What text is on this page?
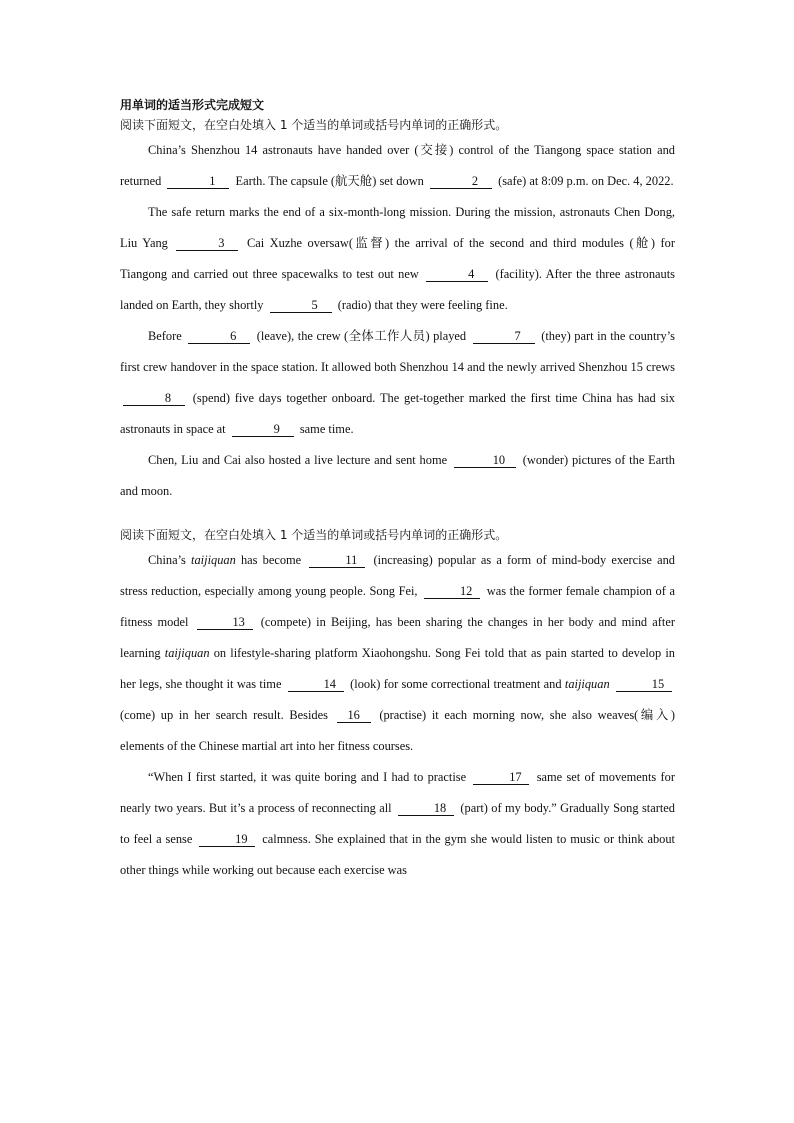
用单词的适当形式完成短文

阅读下面短文，在空白处填入 1 个适当的单词或括号内单词的正确形式。

China’s Shenzhou 14 astronauts have handed over (交接) control of the Tiangong space station and returned	1 Earth. The capsule (航天舱) set down	2 (safe) at 8:09 p.m. on Dec. 4, 2022.

The safe return marks the end of a six-month-long mission. During the mission, astronauts Chen Dong, Liu Yang	3 Cai Xuzhe oversaw(监督) the arrival of the second and third modules (舱) for Tiangong and carried out three spacewalks to test out new	4 (facility). After the three astronauts landed on Earth, they shortly	5 (radio) that they were feeling fine.

Before	6 (leave), the crew (全体工作人员) played	7 (they) part in the country’s first crew handover in the space station. It allowed both Shenzhou 14 and the newly arrived Shenzhou 15 crews 8 (spend) five days together onboard. The get-together marked the first time China has had six astronauts in space at	9 same time.

Chen, Liu and Cai also hosted a live lecture and sent home	10 (wonder) pictures of the Earth and moon.

阅读下面短文，在空白处填入 1 个适当的单词或括号内单词的正确形式。

China’s taijiquan has become	11 (increasing) popular as a form of mind-body exercise and stress reduction, especially among young people. Song Fei,	12 was the former female champion of a fitness model	13 (compete) in Beijing, has been sharing the changes in her body and mind after learning taijiquan on lifestyle-sharing platform Xiaohongshu. Song Fei told that as pain started to develop in her legs, she thought it was time	14 (look) for some correctional treatment and taijiquan	15 (come) up in her search result. Besides 16 (practise) it each morning now, she also weaves(编入) elements of the Chinese martial art into her fitness courses.

“When I first started, it was quite boring and I had to practise	17 same set of movements for nearly two years. But it’s a process of reconnecting all	18 (part) of my body.” Gradually Song started to feel a sense	19 calmness. She explained that in the gym she would listen to music or think about other things while working out because each exercise was
